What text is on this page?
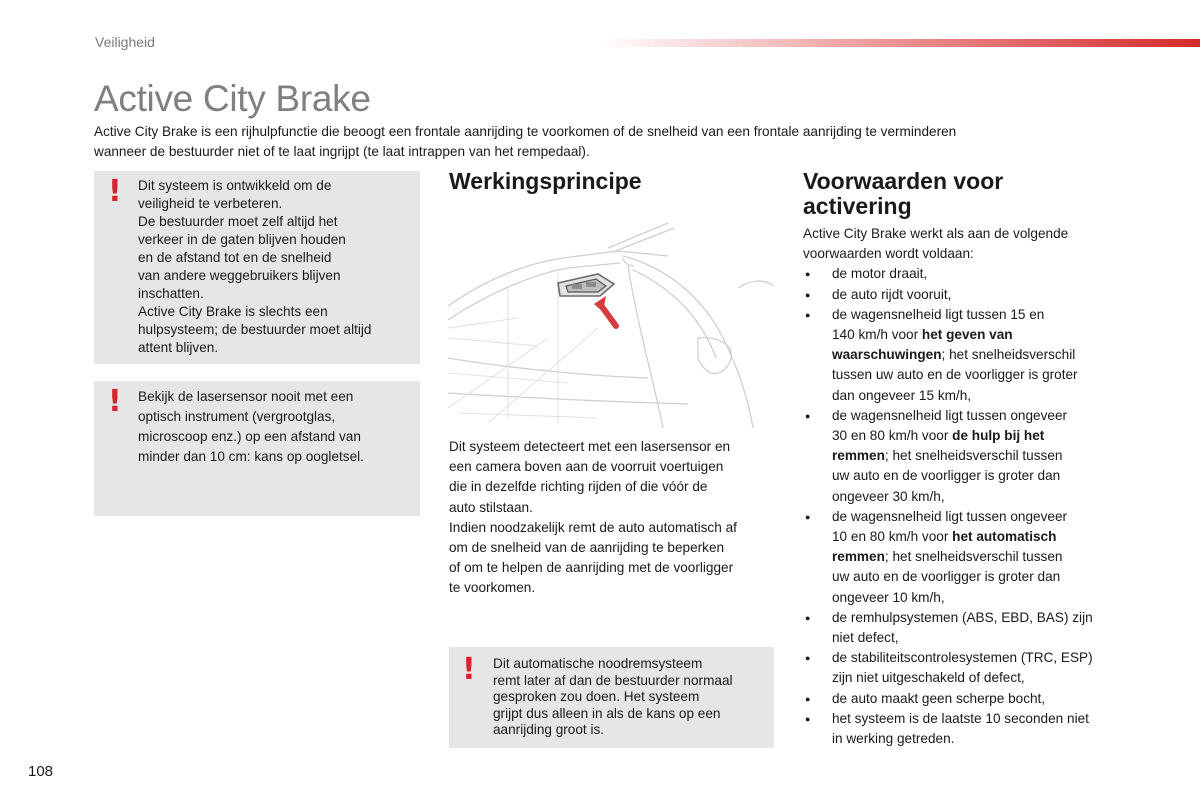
Veiligheid
Active City Brake

Active City Brake is een rijhulpfunctie die beoogt een frontale aanrijding te voorkomen of de snelheid van een frontale aanrijding te verminderen

wanneer de bestuurder niet of te laat ingrijpt (te laat intrappen van het rempedaal).

! Dit systeem is ontwikkeld om de

veiligheid te verbeteren.

De bestuurder moet zelf altijd het

verkeer in de gaten blijven houden

en de afstand tot en de snelheid

van andere weggebruikers blijven

inschatten.

Active City Brake is slechts een

hulpsysteem; de bestuurder moet altijd

attent blijven.

! Bekijk de lasersensor nooit met een

optisch instrument (vergrootglas,

microscoop enz.) op een afstand van

minder dan 10 cm: kans op oogletsel.

Werkingsprincipe

Dit systeem detecteert met een lasersensor en

een camera boven aan de voorruit voertuigen

die in dezelfde richting rijden of die vóór de

auto stilstaan.

Indien noodzakelijk remt de auto automatisch af

om de snelheid van de aanrijding te beperken

of om te helpen de aanrijding met de voorligger

te voorkomen.

! Dit automatische noodremsysteem

remt later af dan de bestuurder normaal

gesproken zou doen. Het systeem

grijpt dus alleen in als de kans op een

aanrijding groot is.

Voorwaarden voor
activering

Active City Brake werkt als aan de volgende

voorwaarden wordt voldaan:

● de motor draait,
● de auto rijdt vooruit,
● de wagensnelheid ligt tussen 15 en
140 km/h voor het geven van
waarschuwingen; het snelheidsverschil
tussen uw auto en de voorligger is groter
dan ongeveer 15 km/h,
● de wagensnelheid ligt tussen ongeveer
30 en 80 km/h voor de hulp bij het
remmen; het snelheidsverschil tussen
uw auto en de voorligger is groter dan
ongeveer 30 km/h,
● de wagensnelheid ligt tussen ongeveer
10 en 80 km/h voor het automatisch
remmen; het snelheidsverschil tussen
uw auto en de voorligger is groter dan
ongeveer 10 km/h,
● de remhulpsystemen (ABS, EBD, BAS) zijn
niet defect,
● de stabiliteitscontrolesystemen (TRC, ESP)
zijn niet uitgeschakeld of defect,
● de auto maakt geen scherpe bocht,
● het systeem is de laatste 10 seconden niet
in werking getreden.
108
